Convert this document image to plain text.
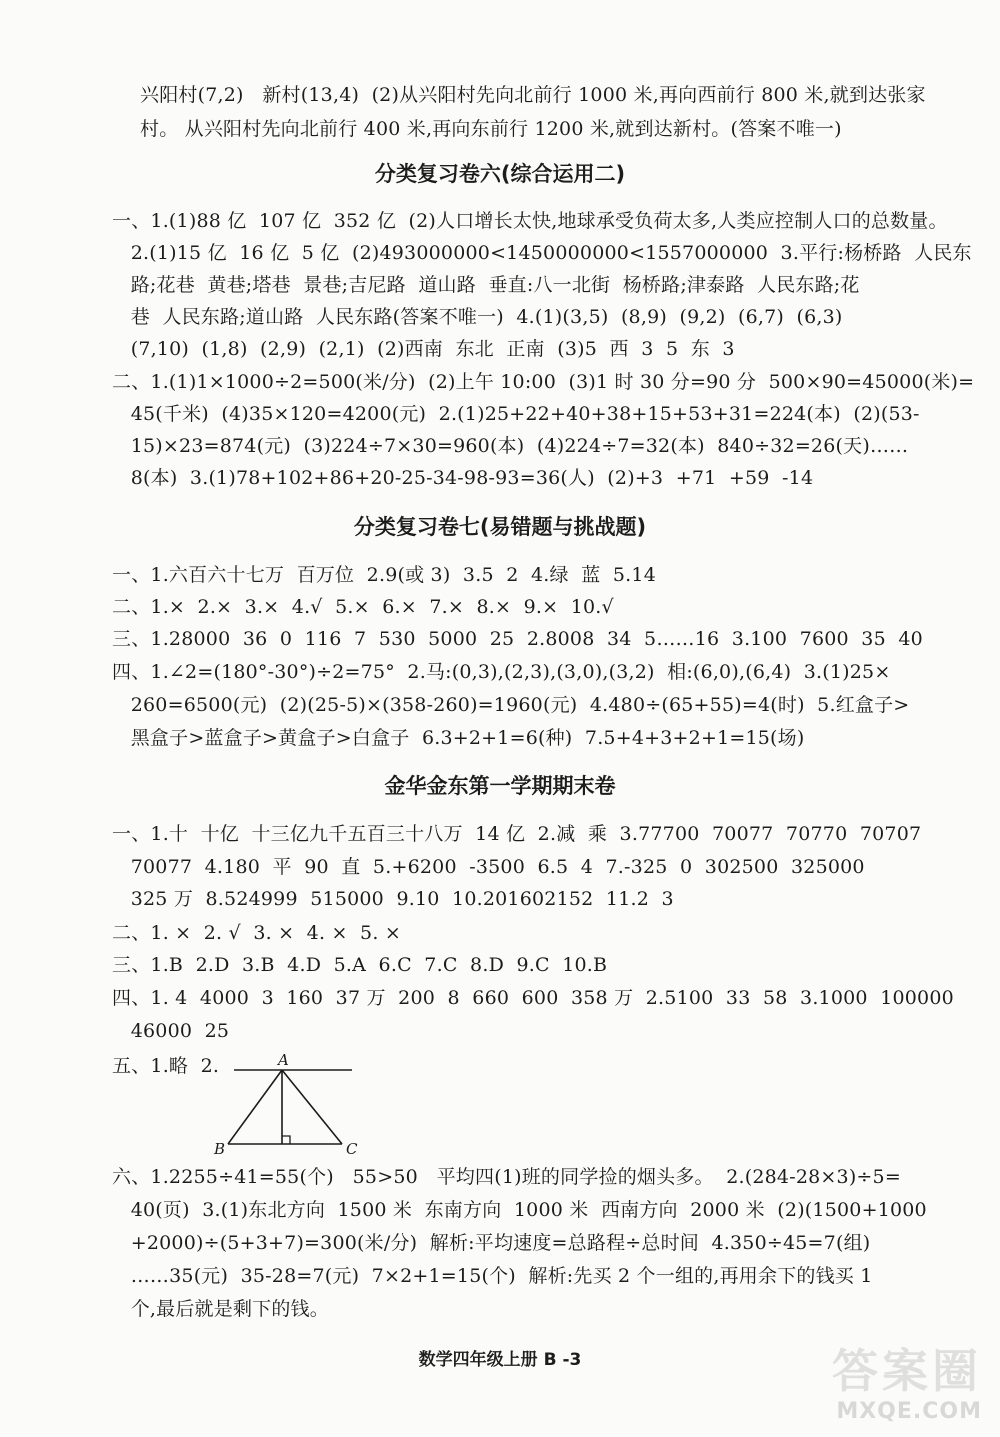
兴阳村(7,2)   新村(13,4)  (2)从兴阳村先向北前行 1000 米,再向西前行 800 米,就到达张家
村。 从兴阳村先向北前行 400 米,再向东前行 1200 米,就到达新村。(答案不唯一)
分类复习卷六(综合运用二)
一、1.(1)88 亿  107 亿  352 亿  (2)人口增长太快,地球承受负荷太多,人类应控制人口的总数量。
2.(1)15 亿  16 亿  5 亿  (2)493000000<1450000000<1557000000  3.平行:杨桥路  人民东
路;花巷  黄巷;塔巷  景巷;吉尼路  道山路  垂直:八一北街  杨桥路;津泰路  人民东路;花
巷  人民东路;道山路  人民东路(答案不唯一)  4.(1)(3,5)  (8,9)  (9,2)  (6,7)  (6,3)
(7,10)  (1,8)  (2,9)  (2,1)  (2)西南  东北  正南  (3)5  西  3  5  东  3
二、1.(1)1×1000÷2=500(米/分)  (2)上午 10:00  (3)1 时 30 分=90 分  500×90=45000(米)=
45(千米)  (4)35×120=4200(元)  2.(1)25+22+40+38+15+53+31=224(本)  (2)(53-
15)×23=874(元)  (3)224÷7×30=960(本)  (4)224÷7=32(本)  840÷32=26(天)……
8(本)  3.(1)78+102+86+20-25-34-98-93=36(人)  (2)+3  +71  +59  -14
分类复习卷七(易错题与挑战题)
一、1.六百六十七万  百万位  2.9(或 3)  3.5  2  4.绿  蓝  5.14
二、1.×  2.×  3.×  4.√  5.×  6.×  7.×  8.×  9.×  10.√
三、1.28000  36  0  116  7  530  5000  25  2.8008  34  5……16  3.100  7600  35  40
四、1.∠2=(180°-30°)÷2=75°  2.马:(0,3),(2,3),(3,0),(3,2)  相:(6,0),(6,4)  3.(1)25×
260=6500(元)  (2)(25-5)×(358-260)=1960(元)  4.480÷(65+55)=4(时)  5.红盒子>
黑盒子>蓝盒子>黄盒子>白盒子  6.3+2+1=6(种)  7.5+4+3+2+1=15(场)
金华金东第一学期期末卷
一、1.十  十亿  十三亿九千五百三十八万  14 亿  2.减  乘  3.77700  70077  70770  70707
70077  4.180  平  90  直  5.+6200  -3500  6.5  4  7.-325  0  302500  325000
325 万  8.524999  515000  9.10  10.201602152  11.2  3
二、1. ×  2. √  3. ×  4. ×  5. ×
三、1.B  2.D  3.B  4.D  5.A  6.C  7.C  8.D  9.C  10.B
四、1. 4  4000  3  160  37 万  200  8  660  600  358 万  2.5100  33  58  3.1000  100000
46000  25
五、1.略  2.	A
B	C
六、1.2255÷41=55(个)   55>50   平均四(1)班的同学捡的烟头多。  2.(284-28×3)÷5=
40(页)  3.(1)东北方向  1500 米  东南方向  1000 米  西南方向  2000 米  (2)(1500+1000
+2000)÷(5+3+7)=300(米/分)  解析:平均速度=总路程÷总时间  4.350÷45=7(组)
……35(元)  35-28=7(元)  7×2+1=15(个)  解析:先买 2 个一组的,再用余下的钱买 1
个,最后就是剩下的钱。
数学四年级上册 B -3	答案圈
MXQE.COM
